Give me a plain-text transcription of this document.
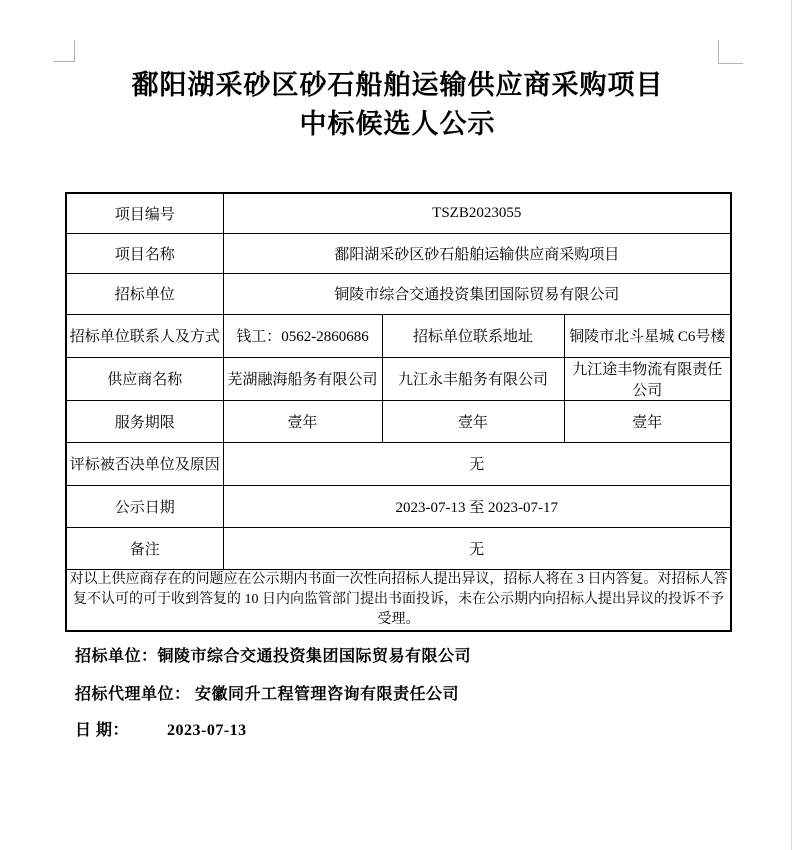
鄱阳湖采砂区砂石船舶运输供应商采购项目
中标候选人公示
项目编号	TSZB2023055		
项目名称	鄱阳湖采砂区砂石船舶运输供应商采购项目		
招标单位	铜陵市综合交通投资集团国际贸易有限公司		
招标单位联系人及方式	钱工：0562-2860686	招标单位联系地址	铜陵市北斗星城 C6号楼
供应商名称	芜湖融海船务有限公司	九江永丰船务有限公司	九江途丰物流有限责任公司
服务期限	壹年	壹年	壹年
评标被否决单位及原因	无		
公示日期	2023-07-13 至 2023-07-17		
备注	无		
对以上供应商存在的问题应在公示期内书面一次性向招标人提出异议，招标人将在 3 日内答复。对招标人答复不认可的可于收到答复的 10 日内向监管部门提出书面投诉，未在公示期内向招标人提出异议的投诉不予受理。			
招标单位：铜陵市综合交通投资集团国际贸易有限公司
招标代理单位： 安徽同升工程管理咨询有限责任公司
日 期： 2023-07-13
